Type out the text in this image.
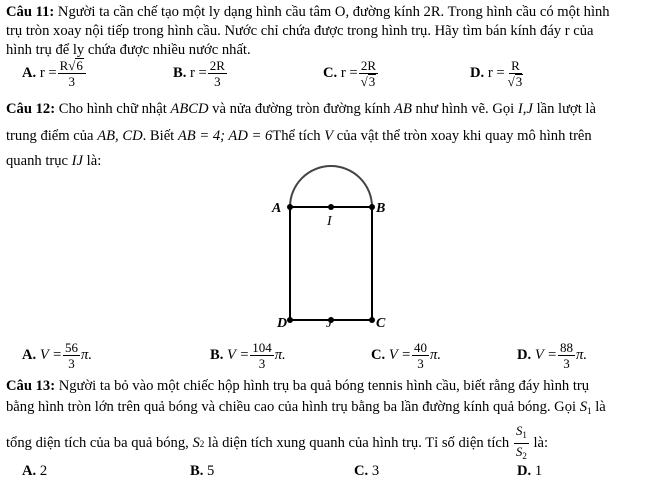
Câu 11: Người ta cần chế tạo một ly dạng hình cầu tâm O, đường kính 2R. Trong hình cầu có một hình
trụ tròn xoay nội tiếp trong hình cầu. Nước chỉ chứa được trong hình trụ. Hãy tìm bán kính đáy r của
hình trụ để ly chứa được nhiều nước nhất.
A.
$r = \frac{R √ 6}{3}$	B.
$r = \frac{2R}{3}$	C.
$r = \frac{2R}{√ 3}$	D.
$r = \frac{R}{√ 3}$
Câu 12: Cho hình chữ nhật ABCD và nửa đường tròn đường kính AB như hình vẽ. Gọi I,J lần lượt là
trung điểm của AB, CD. Biết AB = 4; AD = 6Thể tích V của vật thể tròn xoay khi quay mô hình trên
quanh trục IJ là:
A	B
I
D	C
J
A.
$V = \frac{56}{3} \pi$.	B.
$V = \frac{104}{3} \pi$.	C.
$V = \frac{40}{3} \pi$.	D.
$V = \frac{88}{3} \pi$.
Câu 13: Người ta bỏ vào một chiếc hộp hình trụ ba quả bóng tennis hình cầu, biết rằng đáy hình trụ
bằng hình tròn lớn trên quả bóng và chiều cao của hình trụ bằng ba lần đường kính quả bóng. Gọi $S_1$ là
tổng diện tích của ba quả bóng,
S 2
là diện tích xung quanh của hình trụ. Tỉ số diện tích
$\frac{S_1}{S_2}$
là:
A.
2	B.
5	C.
3	D.
1
